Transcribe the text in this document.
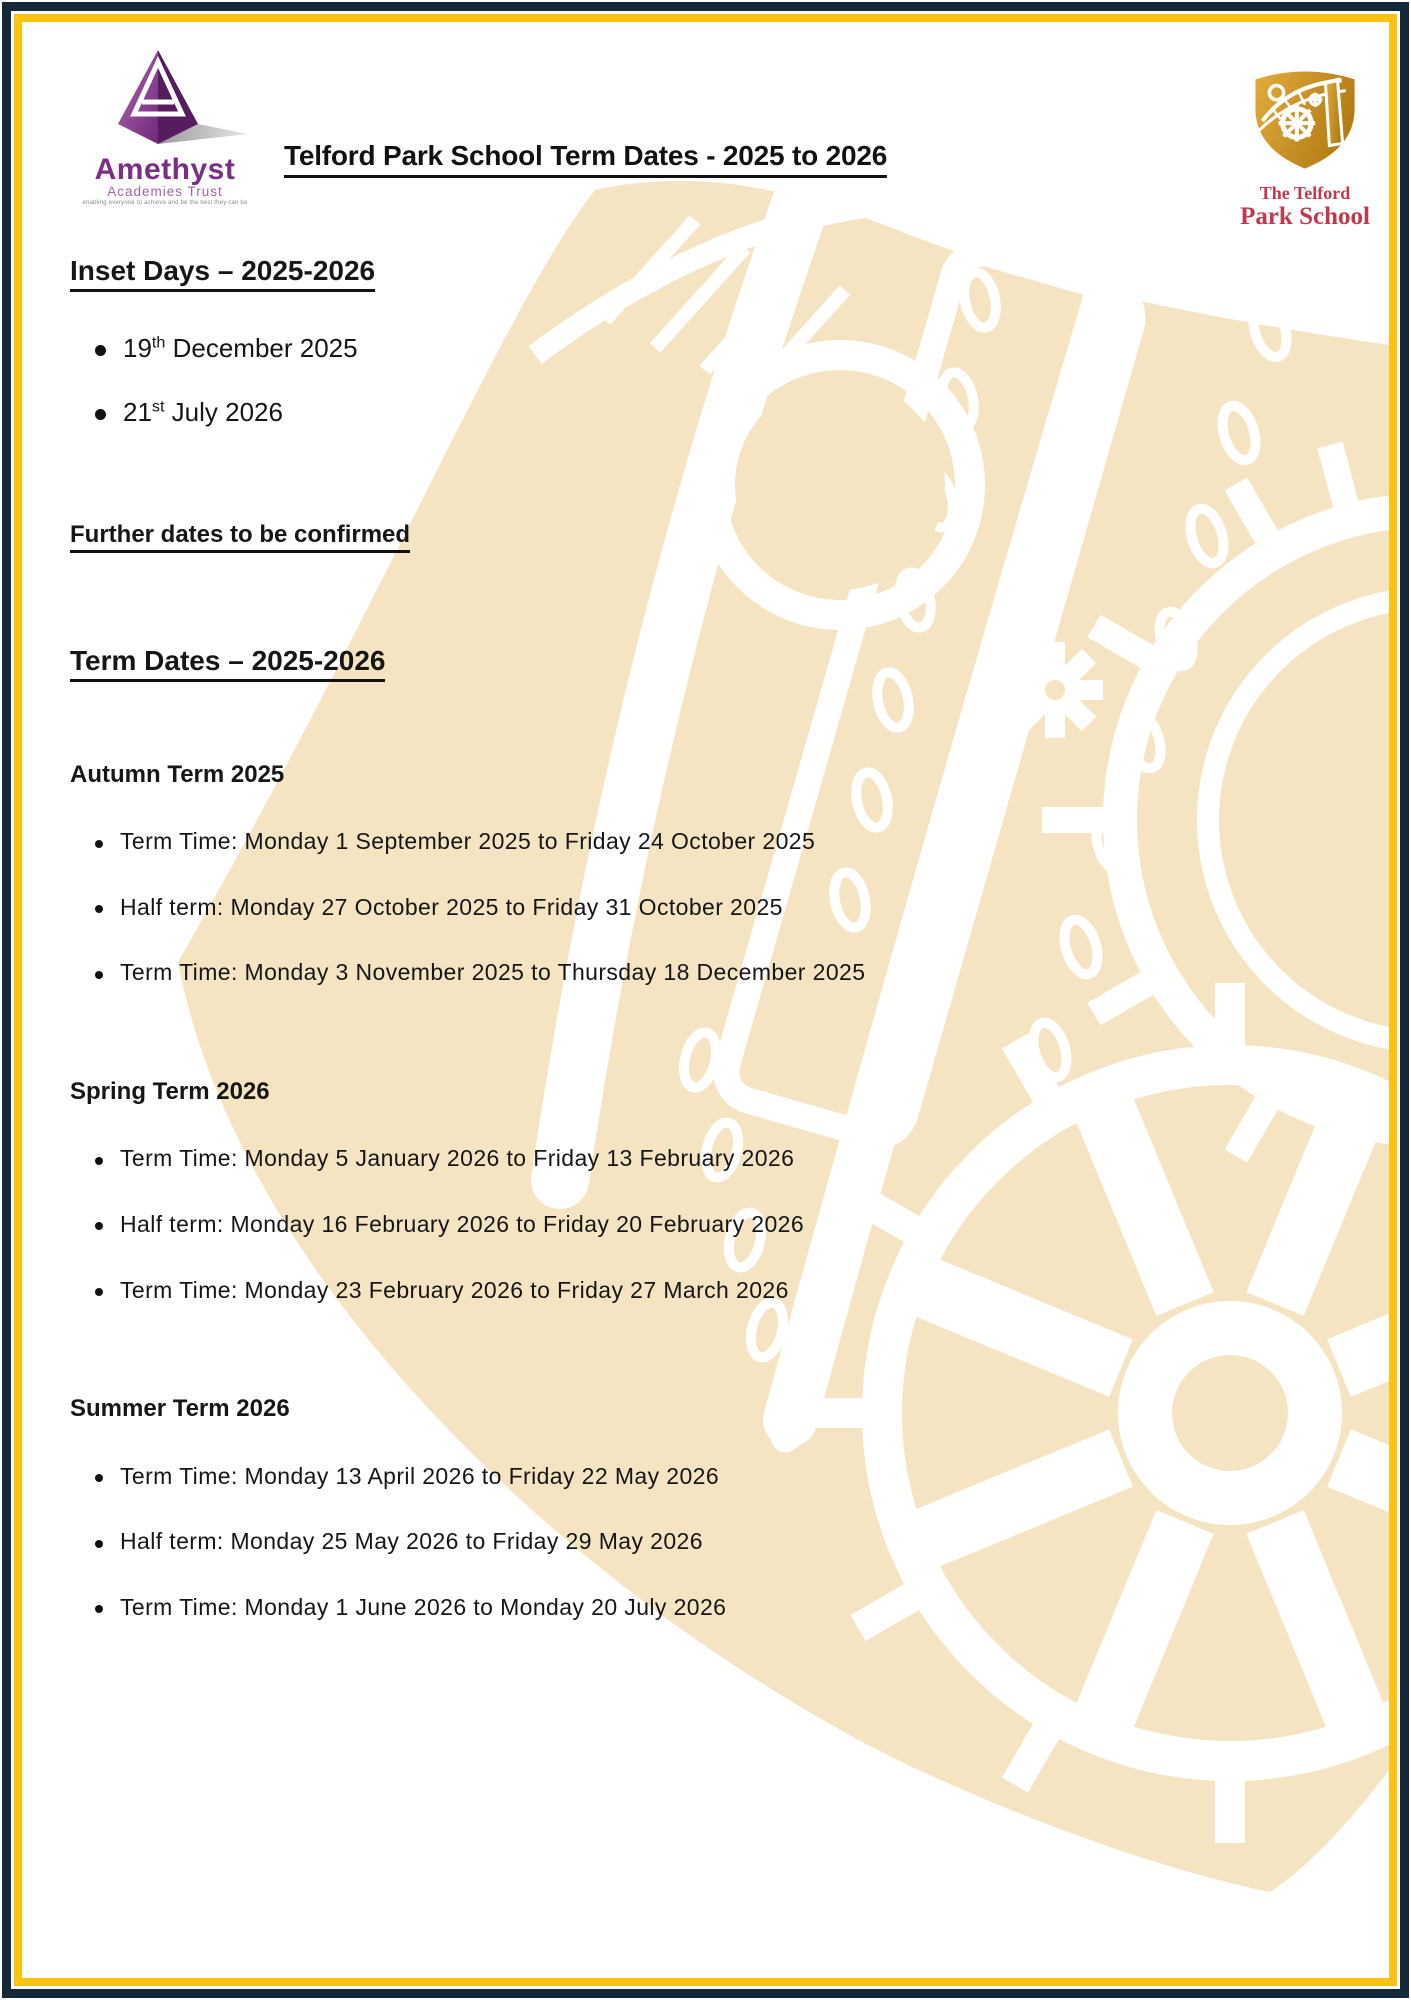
Amethyst
Academies Trust
enabling everyone to achieve and be the best they can be
Telford Park School Term Dates - 2025 to 2026
The Telford
Park School
Inset Days – 2025-2026
19th December 2025
21st July 2026
Further dates to be confirmed
Term Dates – 2025-2026
Autumn Term 2025
Term Time: Monday 1 September 2025 to Friday 24 October 2025
Half term: Monday 27 October 2025 to Friday 31 October 2025
Term Time: Monday 3 November 2025 to Thursday 18 December 2025
Spring Term 2026
Term Time: Monday 5 January 2026 to Friday 13 February 2026
Half term: Monday 16 February 2026 to Friday 20 February 2026
Term Time: Monday 23 February 2026 to Friday 27 March 2026
Summer Term 2026
Term Time: Monday 13 April 2026 to Friday 22 May 2026
Half term: Monday 25 May 2026 to Friday 29 May 2026
Term Time: Monday 1 June 2026 to Monday 20 July 2026
